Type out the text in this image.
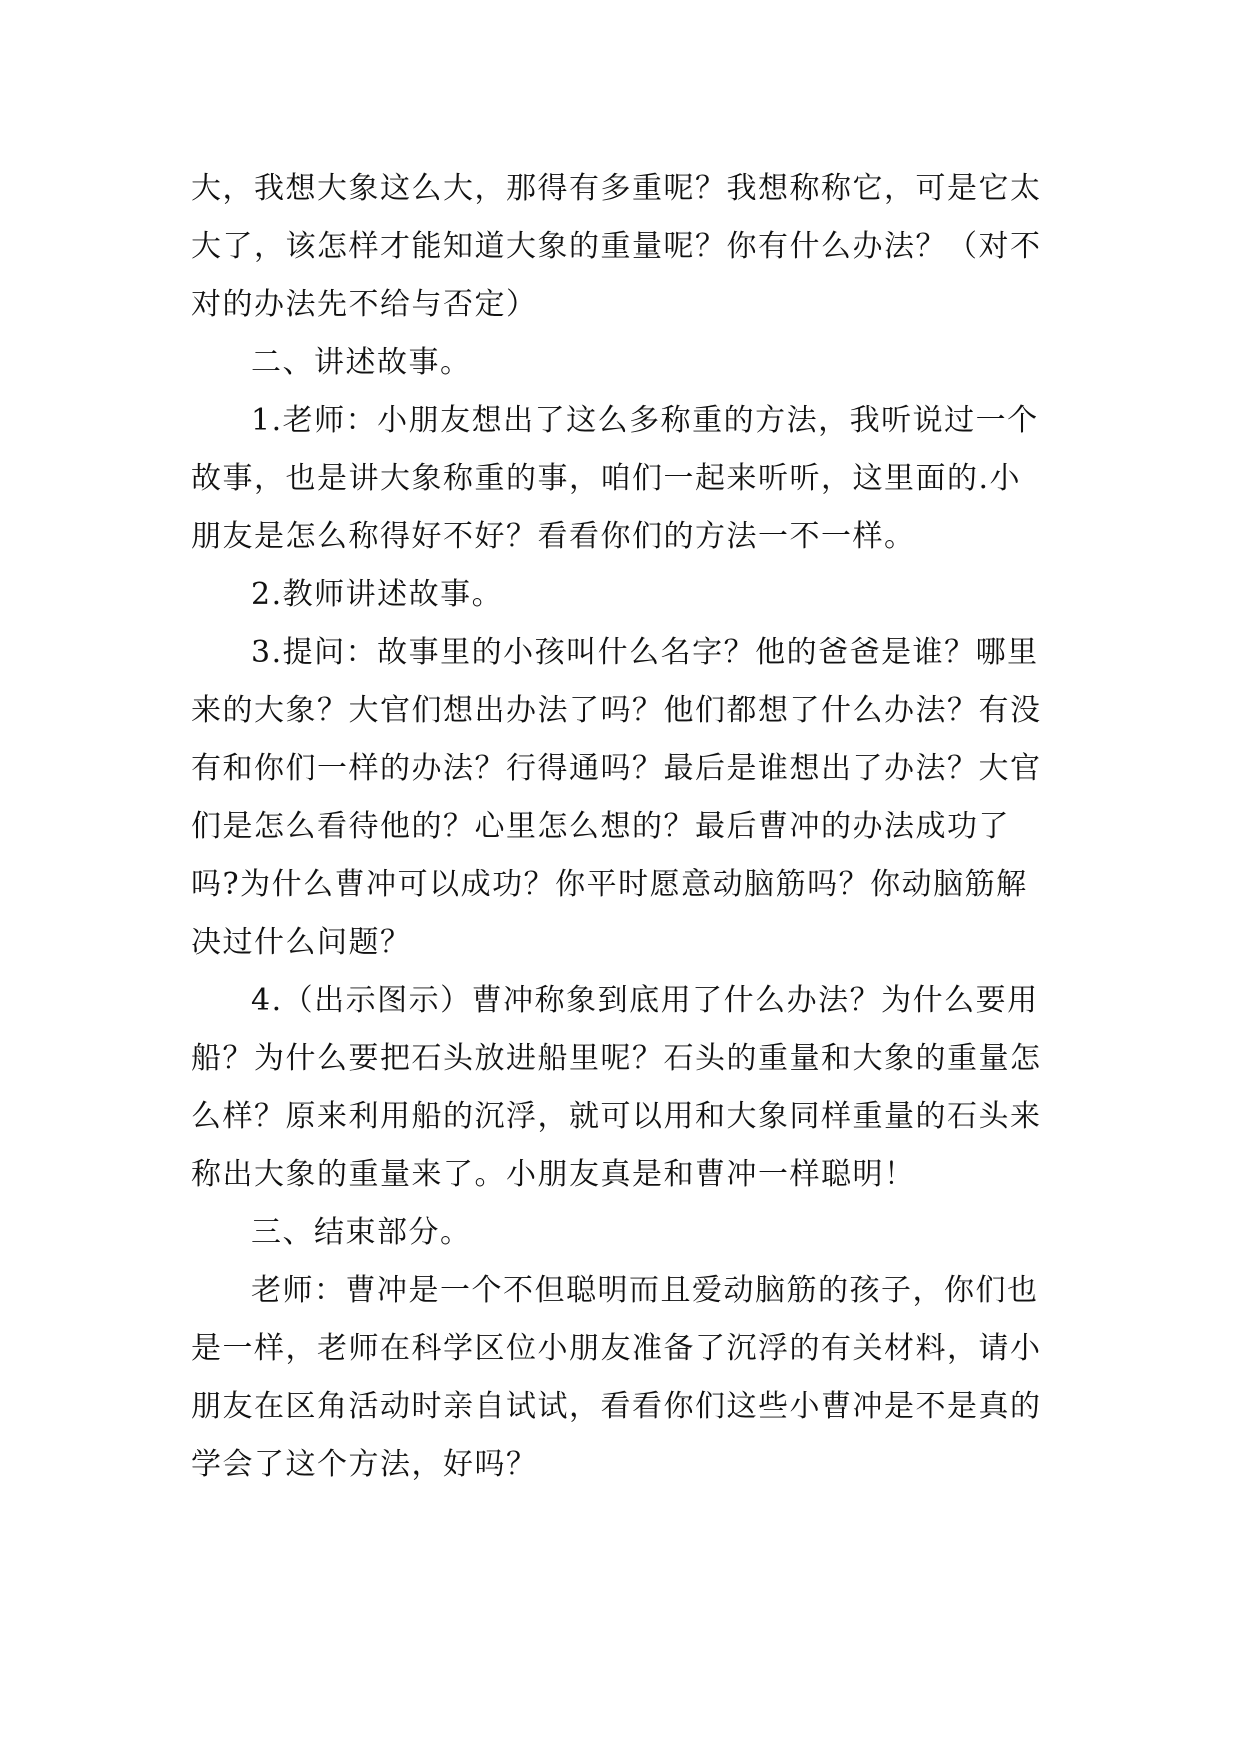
大，我想大象这么大，那得有多重呢？我想称称它，可是它太大了，该怎样才能知道大象的重量呢？你有什么办法？（对不对的办法先不给与否定）

二、讲述故事。

1.老师：小朋友想出了这么多称重的方法，我听说过一个故事，也是讲大象称重的事，咱们一起来听听，这里面的.小朋友是怎么称得好不好？看看你们的方法一不一样。

2.教师讲述故事。

3.提问：故事里的小孩叫什么名字？他的爸爸是谁？哪里来的大象？大官们想出办法了吗？他们都想了什么办法？有没有和你们一样的办法？行得通吗？最后是谁想出了办法？大官们是怎么看待他的？心里怎么想的？最后曹冲的办法成功了吗?为什么曹冲可以成功？你平时愿意动脑筋吗？你动脑筋解决过什么问题？

4.（出示图示）曹冲称象到底用了什么办法？为什么要用船？为什么要把石头放进船里呢？石头的重量和大象的重量怎么样？原来利用船的沉浮，就可以用和大象同样重量的石头来称出大象的重量来了。小朋友真是和曹冲一样聪明！

三、结束部分。

老师：曹冲是一个不但聪明而且爱动脑筋的孩子，你们也是一样，老师在科学区位小朋友准备了沉浮的有关材料，请小朋友在区角活动时亲自试试，看看你们这些小曹冲是不是真的学会了这个方法，好吗？
